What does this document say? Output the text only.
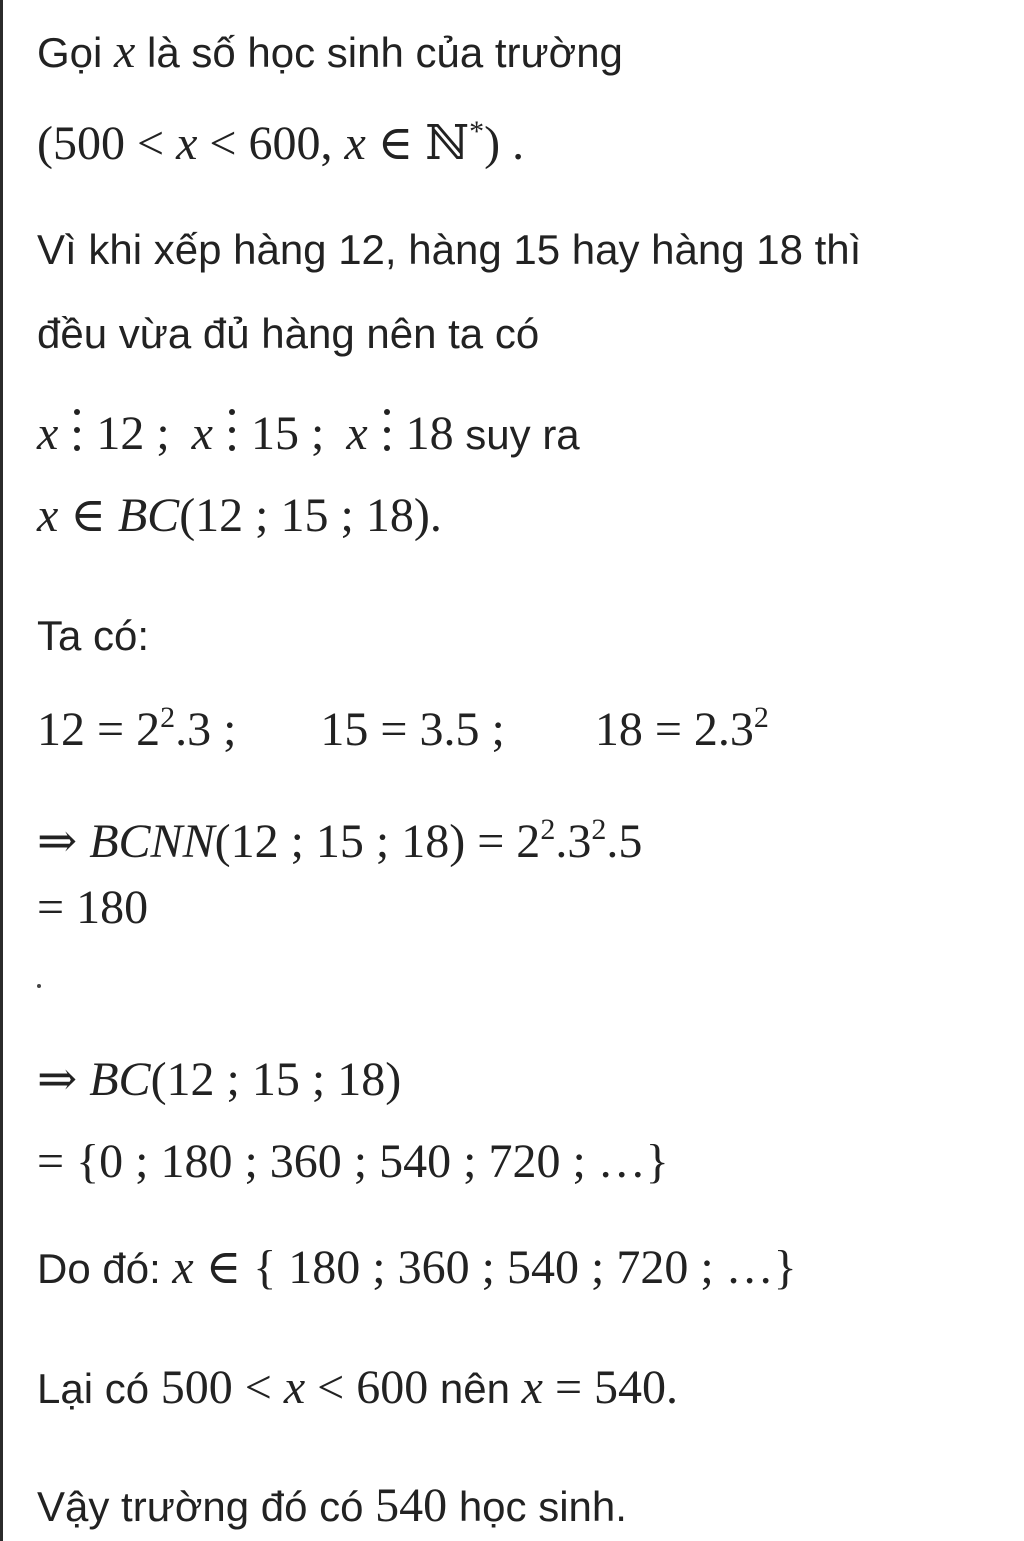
Gọi x là số học sinh của trường
(500 < x < 600, x ∈ ℕ*) .
Vì khi xếp hàng 12, hàng 15 hay hàng 18 thì
đều vừa đủ hàng nên ta có
x 12 ; x 15 ; x 18 suy ra
x ∈ BC(12 ; 15 ; 18).
Ta có:
$12 = 2^2.3$ ; 15 = 3.5 ; $18 = 2.3^2$
⇒ BCNN(12 ; 15 ; $18) = 2^2.3^2.5$
= 180
⇒ BC(12 ; 15 ; 18)
= {0 ; 180 ; 360 ; 540 ; 720 ; …}
Do đó: x ∈ { 180 ; 360 ; 540 ; 720 ; …}
Lại có 500 < x < 600 nên x = 540.
Vậy trường đó có 540 học sinh.
